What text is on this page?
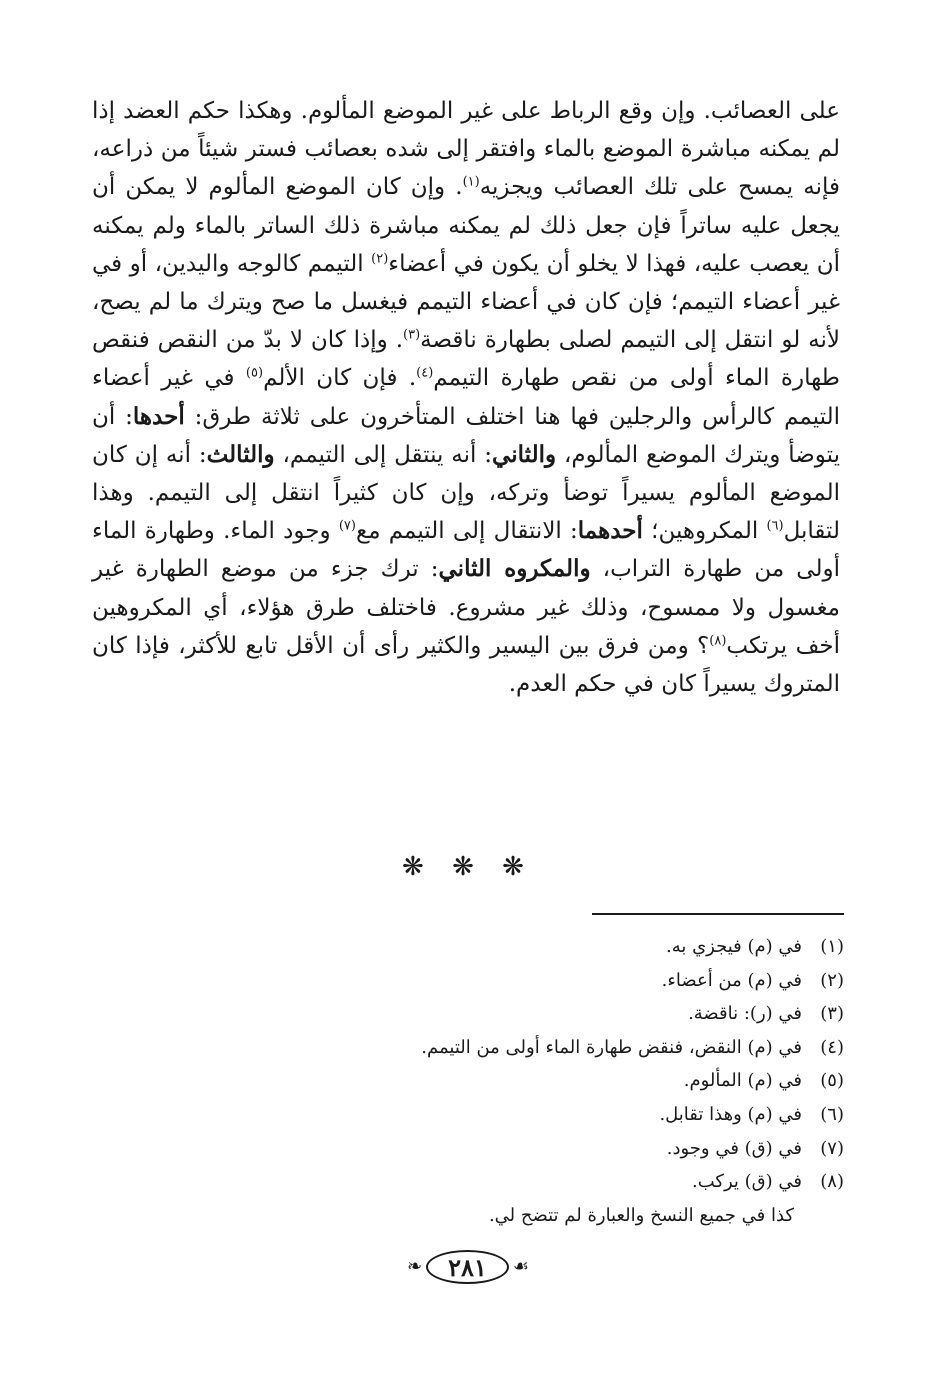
على العصائب. وإن وقع الرباط على غير الموضع المألوم. وهكذا حكم العضد إذا لم يمكنه مباشرة الموضع بالماء وافتقر إلى شده بعصائب فستر شيئاً من ذراعه، فإنه يمسح على تلك العصائب ويجزيه$^{(١)}$. وإن كان الموضع المألوم لا يمكن أن يجعل عليه ساتراً فإن جعل ذلك لم يمكنه مباشرة ذلك الساتر بالماء ولم يمكنه أن يعصب عليه، فهذا لا يخلو أن يكون في أعضاء$^{(٢)}$ التيمم كالوجه واليدين، أو في غير أعضاء التيمم؛ فإن كان في أعضاء التيمم فيغسل ما صح ويترك ما لم يصح، لأنه لو انتقل إلى التيمم لصلى بطهارة ناقصة$^{(٣)}$. وإذا كان لا بدّ من النقص فنقص طهارة الماء أولى من نقص طهارة التيمم$^{(٤)}$. فإن كان الألم$^{(٥)}$ في غير أعضاء التيمم كالرأس والرجلين فها هنا اختلف المتأخرون على ثلاثة طرق: أحدها: أن يتوضأ ويترك الموضع المألوم، والثاني: أنه ينتقل إلى التيمم، والثالث: أنه إن كان الموضع المألوم يسيراً توضأ وتركه، وإن كان كثيراً انتقل إلى التيمم. وهذا لتقابل$^{(٦)}$ المكروهين؛ أحدهما: الانتقال إلى التيمم مع$^{(٧)}$ وجود الماء. وطهارة الماء أولى من طهارة التراب، والمكروه الثاني: ترك جزء من موضع الطهارة غير مغسول ولا ممسوح، وذلك غير مشروع. فاختلف طرق هؤلاء، أي المكروهين أخف يرتكب$^{(٨)}$؟ ومن فرق بين اليسير والكثير رأى أن الأقل تابع للأكثر، فإذا كان المتروك يسيراً كان في حكم العدم.

❋ ❋ ❋
(١)في (م) فيجزي به.
(٢)في (م) من أعضاء.
(٣)في (ر): ناقضة.
(٤)في (م) النقض، فنقض طهارة الماء أولى من التيمم.
(٥)في (م) المألوم.
(٦)في (م) وهذا تقابل.
(٧)في (ق) في وجود.
(٨)في (ق) يركب.
كذا في جميع النسخ والعبارة لم تتضح لي.
❧	٢٨١	☙
